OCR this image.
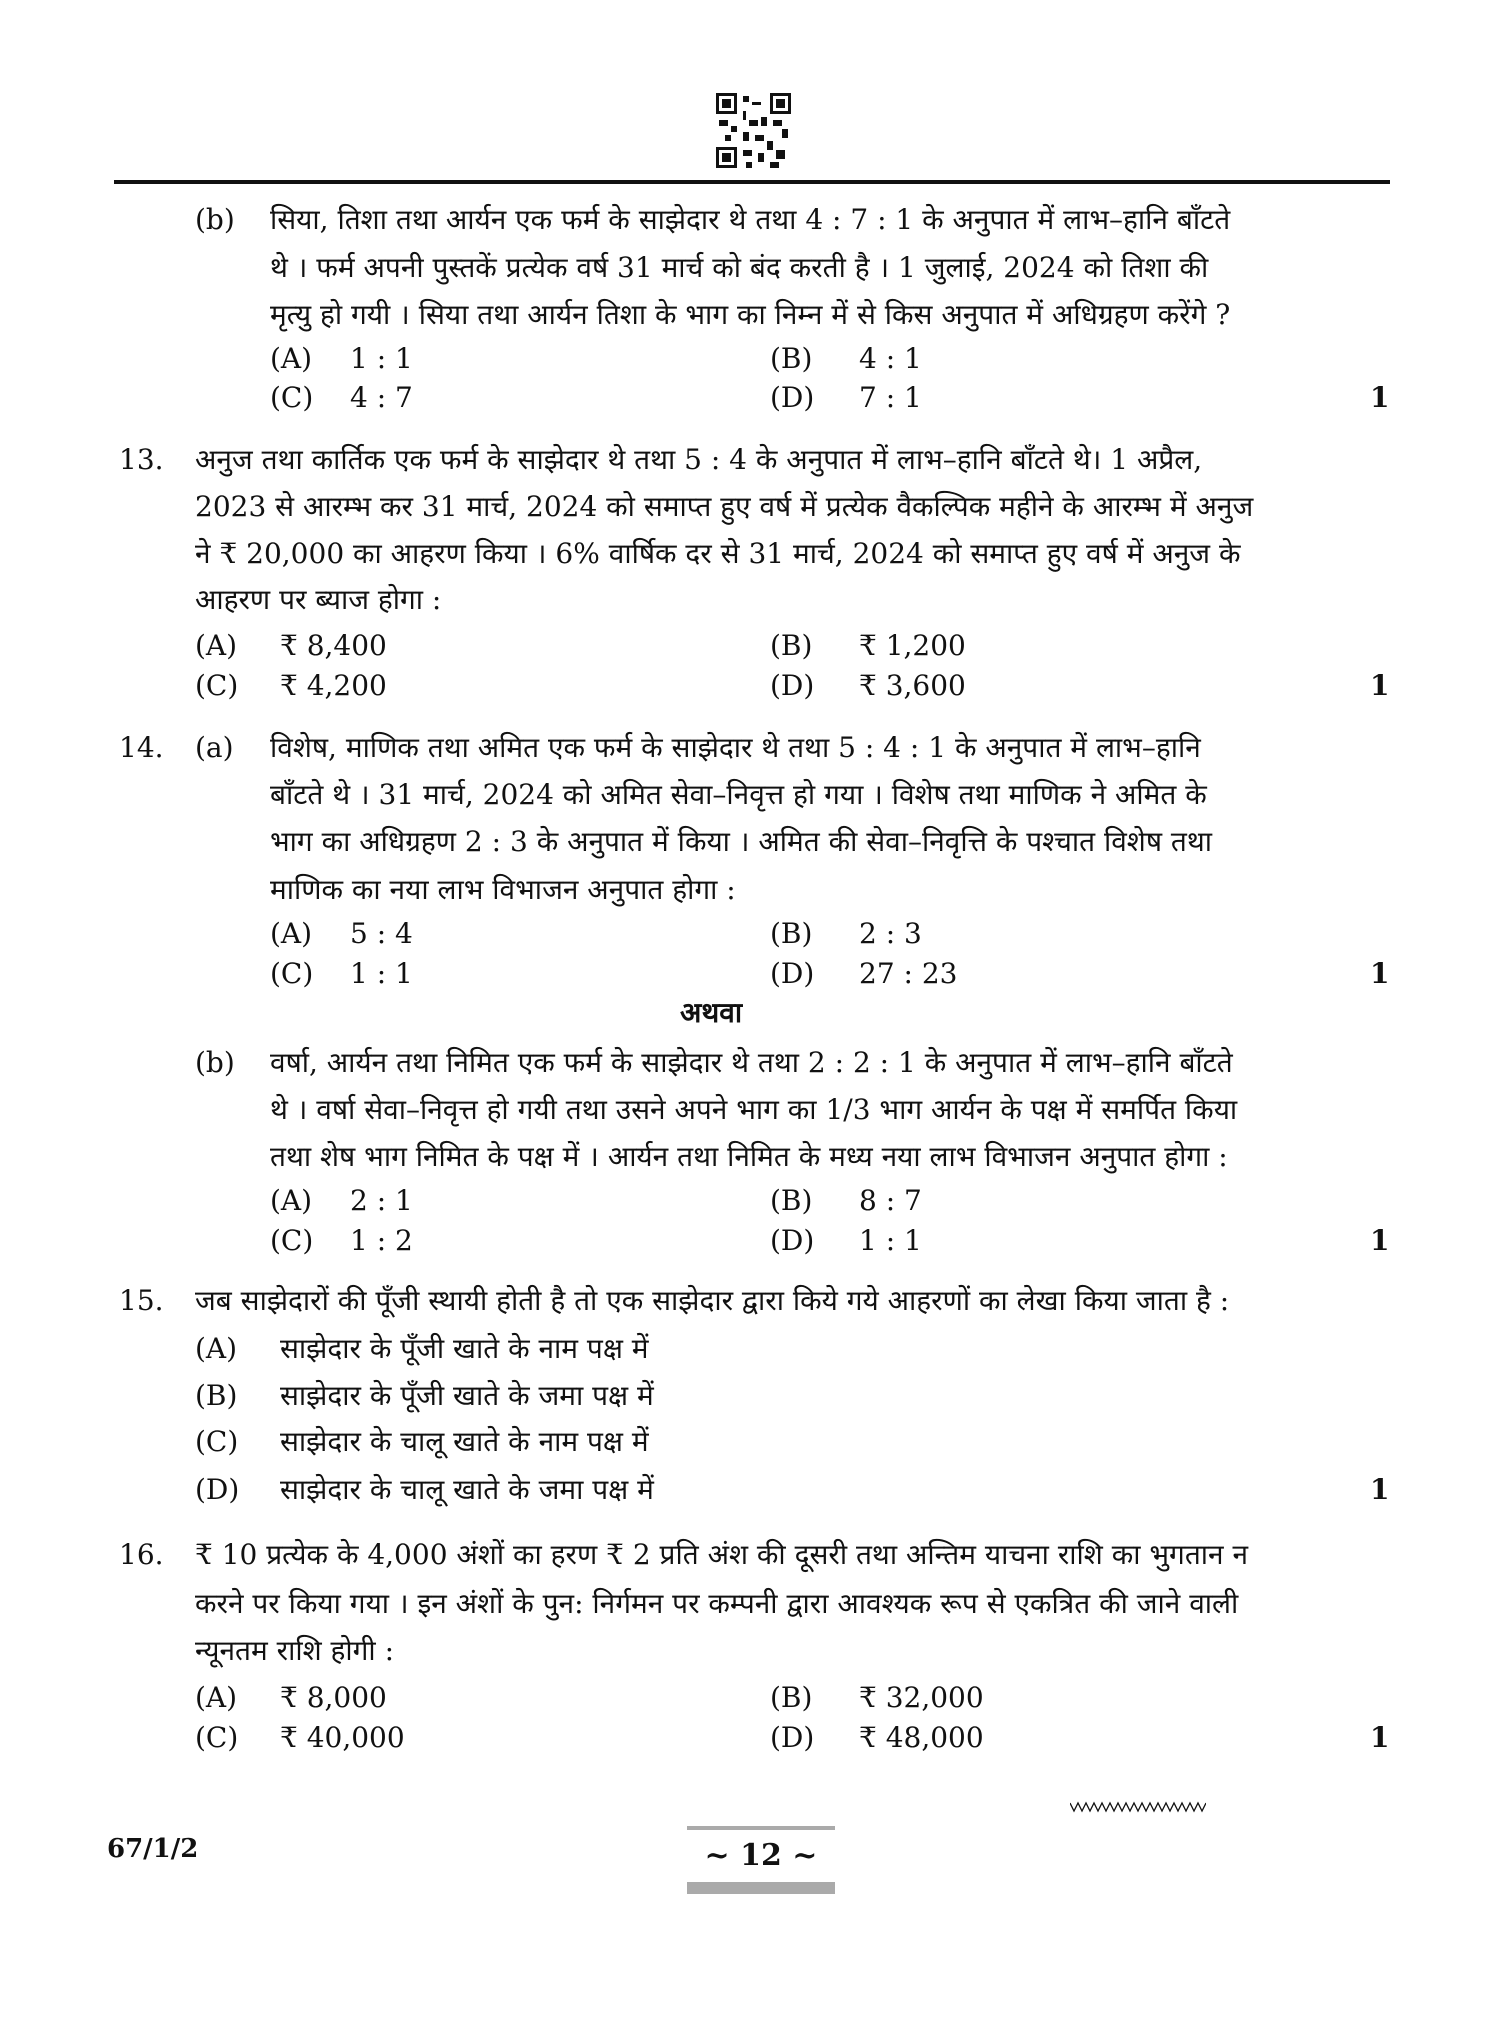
(b) सिया, तिशा तथा आर्यन एक फर्म के साझेदार थे तथा 4 : 7 : 1 के अनुपात में लाभ–हानि बाँटते
थे । फर्म अपनी पुस्तकें प्रत्येक वर्ष 31 मार्च को बंद करती है । 1 जुलाई, 2024 को तिशा की
मृत्यु हो गयी । सिया तथा आर्यन तिशा के भाग का निम्न में से किस अनुपात में अधिग्रहण करेंगे ?
(A) 1 : 1	(B) 4 : 1
(C) 4 : 7	(D) 7 : 1	1
13. अनुज तथा कार्तिक एक फर्म के साझेदार थे तथा 5 : 4 के अनुपात में लाभ–हानि बाँटते थे। 1 अप्रैल,
2023 से आरम्भ कर 31 मार्च, 2024 को समाप्त हुए वर्ष में प्रत्येक वैकल्पिक महीने के आरम्भ में अनुज
ने ₹ 20,000 का आहरण किया । 6% वार्षिक दर से 31 मार्च, 2024 को समाप्त हुए वर्ष में अनुज के
आहरण पर ब्याज होगा :
(A) ₹ 8,400	(B) ₹ 1,200
(C) ₹ 4,200	(D) ₹ 3,600	1
14. (a) विशेष, माणिक तथा अमित एक फर्म के साझेदार थे तथा 5 : 4 : 1 के अनुपात में लाभ–हानि
बाँटते थे । 31 मार्च, 2024 को अमित सेवा–निवृत्त हो गया । विशेष तथा माणिक ने अमित के
भाग का अधिग्रहण 2 : 3 के अनुपात में किया । अमित की सेवा–निवृत्ति के पश्चात विशेष तथा
माणिक का नया लाभ विभाजन अनुपात होगा :
(A) 5 : 4	(B) 2 : 3
(C) 1 : 1	(D) 27 : 23	1
अथवा
(b) वर्षा, आर्यन तथा निमित एक फर्म के साझेदार थे तथा 2 : 2 : 1 के अनुपात में लाभ–हानि बाँटते
थे । वर्षा सेवा–निवृत्त हो गयी तथा उसने अपने भाग का 1/3 भाग आर्यन के पक्ष में समर्पित किया
तथा शेष भाग निमित के पक्ष में । आर्यन तथा निमित के मध्य नया लाभ विभाजन अनुपात होगा :
(A) 2 : 1	(B) 8 : 7
(C) 1 : 2	(D) 1 : 1	1
15. जब साझेदारों की पूँजी स्थायी होती है तो एक साझेदार द्वारा किये गये आहरणों का लेखा किया जाता है :
(A) साझेदार के पूँजी खाते के नाम पक्ष में
(B) साझेदार के पूँजी खाते के जमा पक्ष में
(C) साझेदार के चालू खाते के नाम पक्ष में
(D) साझेदार के चालू खाते के जमा पक्ष में	1
16. ₹ 10 प्रत्येक के 4,000 अंशों का हरण ₹ 2 प्रति अंश की दूसरी तथा अन्तिम याचना राशि का भुगतान न
करने पर किया गया । इन अंशों के पुन: निर्गमन पर कम्पनी द्वारा आवश्यक रूप से एकत्रित की जाने वाली
न्यूनतम राशि होगी :
(A) ₹ 8,000	(B) ₹ 32,000
(C) ₹ 40,000	(D) ₹ 48,000	1
67/1/2	~ 12 ~
